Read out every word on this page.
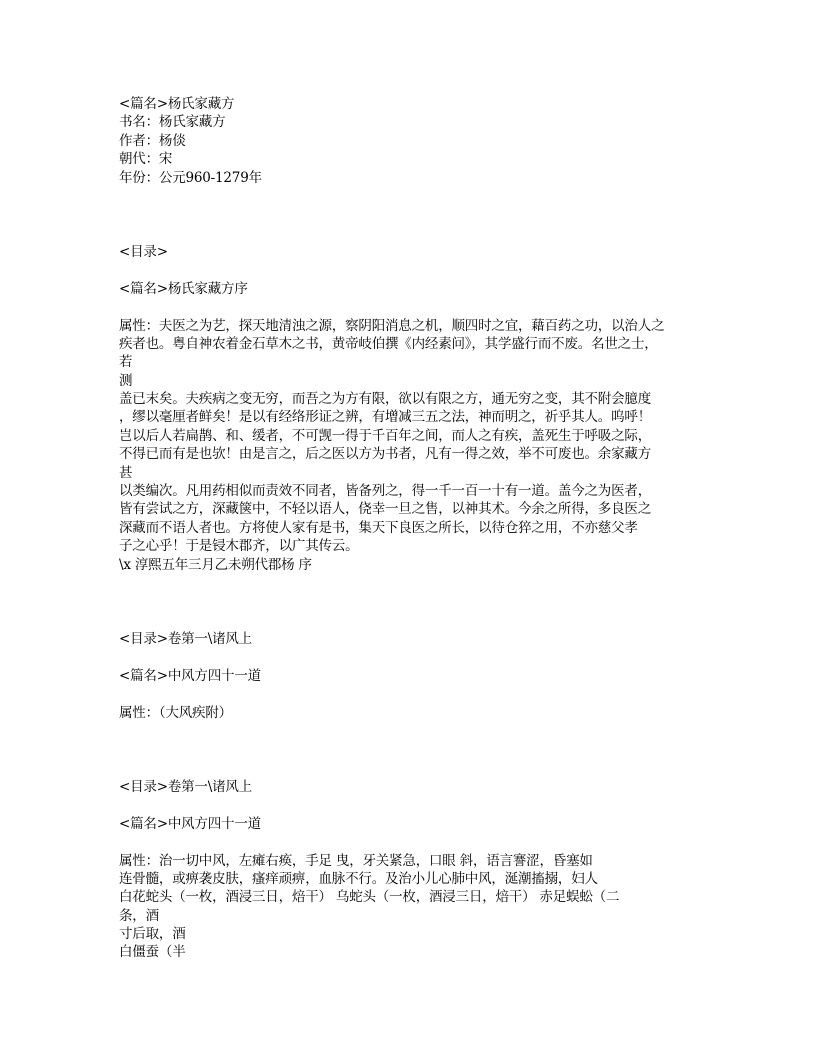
<篇名>杨氏家藏方
书名：杨氏家藏方
作者：杨倓
朝代：宋
年份：公元960-1279年
<目录>
<篇名>杨氏家藏方序
属性：夫医之为艺，探天地清浊之源，察阴阳消息之机，顺四时之宜，藉百药之功，以治人之
疾者也。粤自神农着金石草木之书，黄帝岐伯撰《内经素问》，其学盛行而不废。名世之士，
若
测
盖已末矣。夫疾病之变无穷，而吾之为方有限，欲以有限之方，通无穷之变，其不附会臆度
，缪以毫厘者鲜矣！是以有经络形证之辨，有增减三五之法，神而明之，祈乎其人。呜呼！
岂以后人若扁鹊、和、缓者，不可觊一得于千百年之间，而人之有疾，盖死生于呼吸之际，
不得已而有是也欤！由是言之，后之医以方为书者，凡有一得之效，举不可废也。余家藏方
甚
以类编次。凡用药相似而责效不同者，皆备列之，得一千一百一十有一道。盖今之为医者，
皆有尝试之方，深藏箧中，不轻以语人，侥幸一旦之售，以神其术。今余之所得，多良医之
深藏而不语人者也。方将使人家有是书，集天下良医之所长，以待仓猝之用，不亦慈父孝
子之心乎！于是锓木郡齐，以广其传云。
\x 淳熙五年三月乙未朔代郡杨 序
<目录>卷第一\诸风上
<篇名>中风方四十一道
属性：（大风疾附）
<目录>卷第一\诸风上
<篇名>中风方四十一道
属性：治一切中风，左瘫右痪，手足 曳，牙关紧急，口眼 斜，语言謇涩，昏塞如
连骨髓，或痹袭皮肤，瘙痒顽痹，血脉不行。及治小儿心肺中风，涎潮搐搦，妇人
白花蛇头（一枚，酒浸三日，焙干） 乌蛇头（一枚，酒浸三日，焙干） 赤足蜈蚣（二
条，酒
寸后取，酒
白僵蚕（半
